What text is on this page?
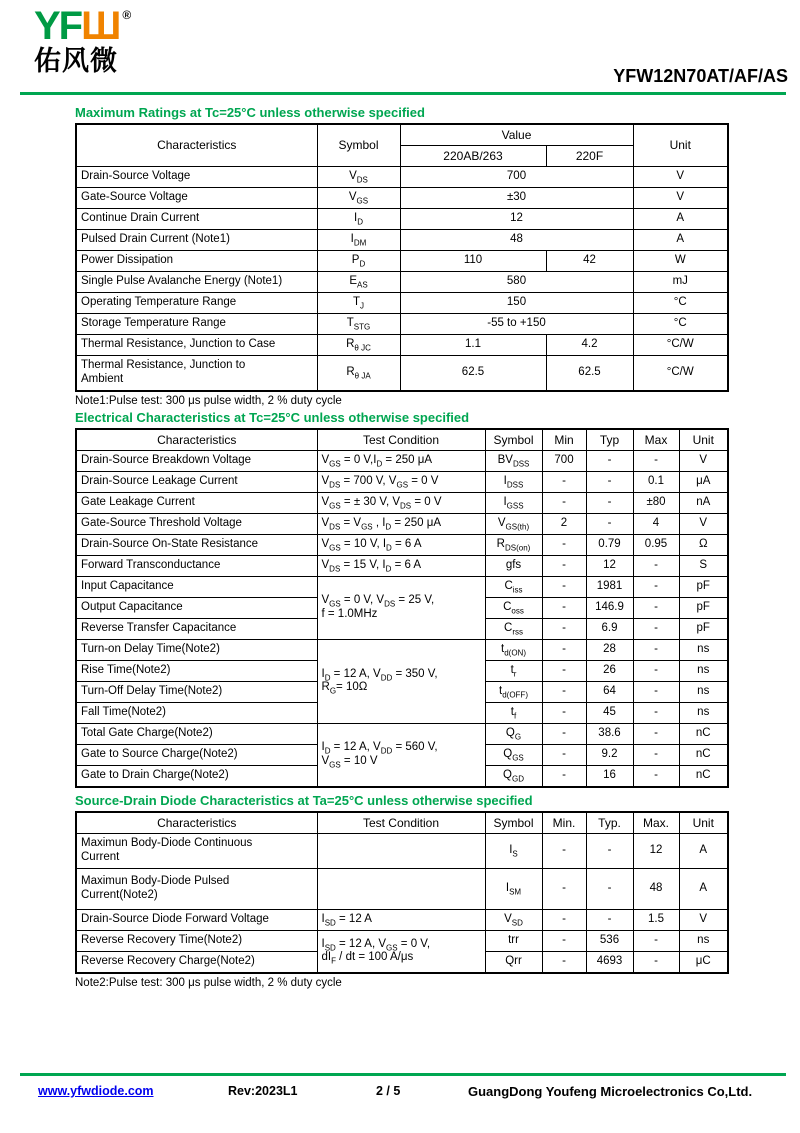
YFШ ®
佑风微	YFW12N70AT/AF/AS
Maximum Ratings at Tc=25°C unless otherwise specified
Characteristics	Symbol	Value		Unit
		220AB/263	220F	
Drain-Source Voltage	$V_{DS}$	700		V
Gate-Source Voltage	$V_{GS}$	±30		V
Continue Drain Current	$I_D$	12		A
Pulsed Drain Current (Note1)	$I_{DM}$	48		A
Power Dissipation	$P_D$	110	42	W
Single Pulse Avalanche Energy (Note1)	$E_{AS}$	580		mJ
Operating Temperature Range	$T_J$	150		°C
Storage Temperature Range	$T_{STG}$	-55 to +150		°C
Thermal Resistance, Junction to Case	$R_{\theta JC}$	1.1	4.2	°C/W
Thermal Resistance, Junction to
Ambient	$R_{\theta JA}$	62.5	62.5	°C/W
Note1:Pulse test: 300 μs pulse width, 2 % duty cycle
Electrical Characteristics at Tc=25°C unless otherwise specified
Characteristics	Test Condition	Symbol	Min	Typ	Max	Unit
Drain-Source Breakdown Voltage	$V_{GS} = 0$ $V,I_D = 250$ μA	$BV_{DSS}$	700	-	-	V
Drain-Source Leakage Current	$V_{DS} = 700$ V, $V_{GS} = 0$ V	$I_{DSS}$	-	-	0.1	μA
Gate Leakage Current	$V_{GS}$ = ± 30 V, $V_{DS} = 0$ V	$I_{GSS}$	-	-	±80	nA
Gate-Source Threshold Voltage	$V_{DS} = V_{GS}$ , $I_D = 250$ μA	$V_{GS(th)}$	2	-	4	V
Drain-Source On-State Resistance	$V_{GS} = 10$ V, $I_D = 6$ A	$R_{DS(on)}$	-	0.79	0.95	Ω
Forward Transconductance	$V_{DS} = 15$ V, $I_D = 6$ A	gfs	-	12	-	S
Input Capacitance	$V_{GS} = 0$ V, $V_{DS} = 25$ V,
f = 1.0MHz	$C_{iss}$	-	1981	-	pF
Output Capacitance		$C_{oss}$	-	146.9	-	pF
Reverse Transfer Capacitance		$C_{rss}$	-	6.9	-	pF
Turn-on Delay Time(Note2)	$I_D = 12$ A, $V_{DD} = 350$ V,
$R_G= 10\Omega$	$t_{d(ON)}$	-	28	-	ns
Rise Time(Note2)		$t_r$	-	26	-	ns
Turn-Off Delay Time(Note2)		$t_{d(OFF)}$	-	64	-	ns
Fall Time(Note2)		$t_f$	-	45	-	ns
Total Gate Charge(Note2)	$I_D = 12$ A, $V_{DD} = 560$ V,
$V_{GS} = 10$ V	$Q_G$	-	38.6	-	nC
Gate to Source Charge(Note2)		$Q_{GS}$	-	9.2	-	nC
Gate to Drain Charge(Note2)		$Q_{GD}$	-	16	-	nC
Source-Drain Diode Characteristics at Ta=25°C unless otherwise specified
Characteristics	Test Condition	Symbol	Min.	Typ.	Max.	Unit
Maximun Body-Diode Continuous
Current		$I_S$	-	-	12	A
Maximun Body-Diode Pulsed
Current(Note2)		$I_{SM}$	-	-	48	A
Drain-Source Diode Forward Voltage	$I_{SD} = 12$ A	$V_{SD}$	-	-	1.5	V
Reverse Recovery Time(Note2)	$I_{SD} = 12$ A, $V_{GS} = 0$ V,
$dI_F$ / dt = 100 A/μs	trr	-	536	-	ns
Reverse Recovery Charge(Note2)		Qrr	-	4693	-	μC
Note2:Pulse test: 300 μs pulse width, 2 % duty cycle
www.yfwdiode.com	Rev:2023L1	2 / 5	GuangDong Youfeng Microelectronics Co,Ltd.
